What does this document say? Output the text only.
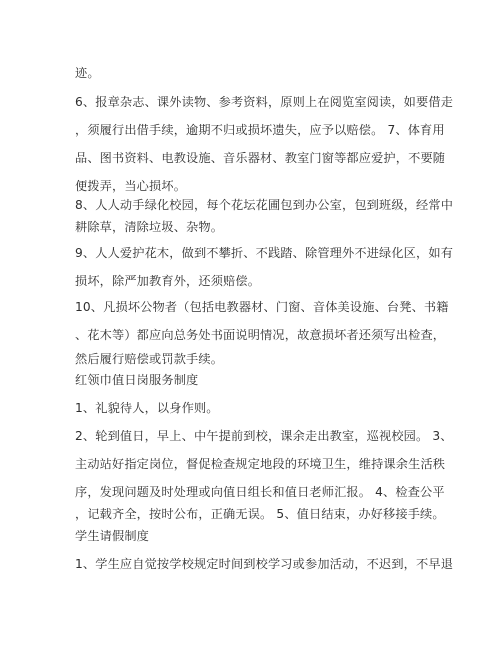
迹。
6、报章杂志、课外读物、参考资料，原则上在阅览室阅读，如要借走
，须履行出借手续，逾期不归或损坏遗失，应予以赔偿。 7、体育用
品、图书资料、电教设施、音乐器材、教室门窗等都应爱护，不要随
便拨弄，当心损坏。
8、人人动手绿化校园，每个花坛花圃包到办公室，包到班级，经常中
耕除草，清除垃圾、杂物。
9、人人爱护花木，做到不攀折、不践踏、除管理外不进绿化区，如有
损坏，除严加教育外，还须赔偿。
10、凡损坏公物者（包括电教器材、门窗、音体美设施、台凳、书籍
、花木等）都应向总务处书面说明情况，故意损坏者还须写出检查，
然后履行赔偿或罚款手续。
红领巾值日岗服务制度
1、礼貌待人，以身作则。
2、轮到值日，早上、中午提前到校，课余走出教室，巡视校园。 3、
主动站好指定岗位，督促检查规定地段的环境卫生，维持课余生活秩
序，发现问题及时处理或向值日组长和值日老师汇报。 4、检查公平
，记载齐全，按时公布，正确无误。 5、值日结束，办好移接手续。
学生请假制度
1、学生应自觉按学校规定时间到校学习或参加活动，不迟到，不早退
